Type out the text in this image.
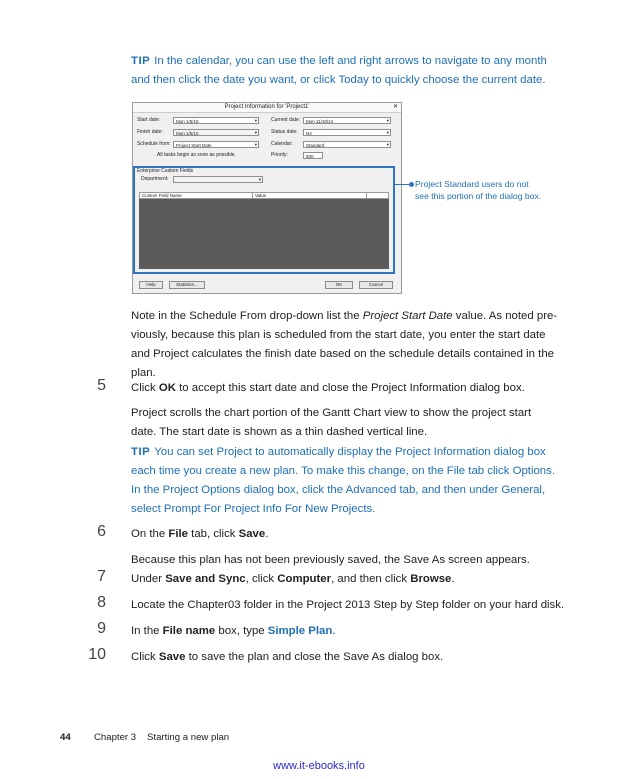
TIP In the calendar, you can use the left and right arrows to navigate to any month
and then click the date you want, or click Today to quickly choose the current date.
Project Information for 'Project1'	✕
Start date:	Mon 1/5/15	▾	Current date:	Mon 11/10/14	▾
Finish date:	Mon 1/5/15	▾	Status date:	NA	▾
Schedule from:	Project Start Date	▾	Calendar:	Standard	▾
All tasks begin as soon as possible.	Priority:	500
Enterprise Custom Fields
Department:	▾
Help	Statistics...	OK	Cancel
Custom Field Name	Value
Project Standard users do not
see this portion of the dialog box.
Note in the Schedule From drop-down list the Project Start Date value. As noted pre-
viously, because this plan is scheduled from the start date, you enter the start date
and Project calculates the finish date based on the schedule details contained in the
plan.
5 Click OK to accept this start date and close the Project Information dialog box.
Project scrolls the chart portion of the Gantt Chart view to show the project start
date. The start date is shown as a thin dashed vertical line.
TIP You can set Project to automatically display the Project Information dialog box
each time you create a new plan. To make this change, on the File tab click Options.
In the Project Options dialog box, click the Advanced tab, and then under General,
select Prompt For Project Info For New Projects.
6 On the File tab, click Save.
Because this plan has not been previously saved, the Save As screen appears.
7 Under Save and Sync, click Computer, and then click Browse.
8 Locate the Chapter03 folder in the Project 2013 Step by Step folder on your hard disk.
9 In the File name box, type Simple Plan.
10 Click Save to save the plan and close the Save As dialog box.
44 Chapter 3 Starting a new plan
www.it-ebooks.info
